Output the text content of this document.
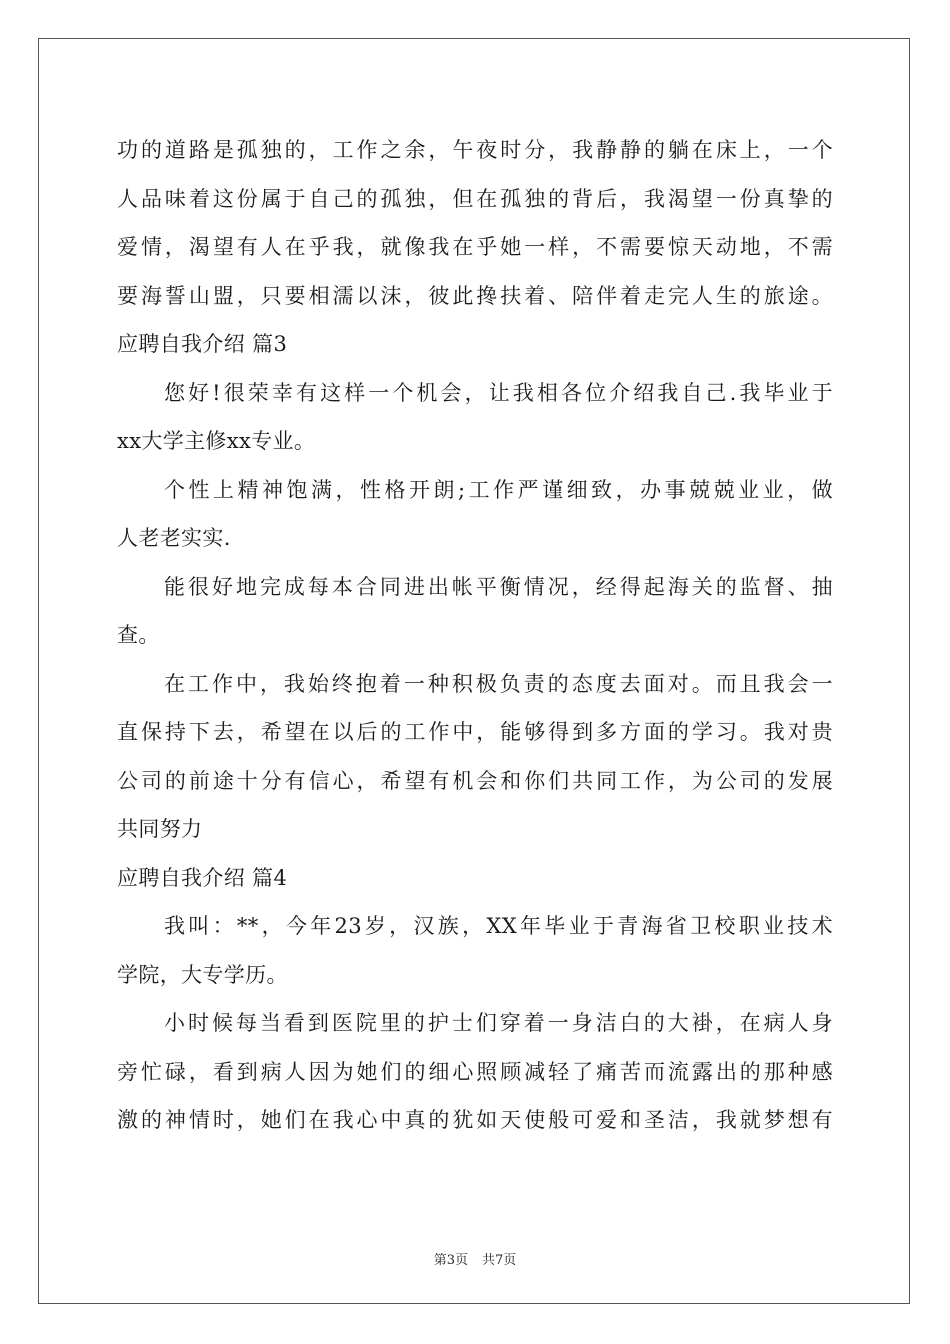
功的道路是孤独的，工作之余，午夜时分，我静静的躺在床上，一个
人品味着这份属于自己的孤独，但在孤独的背后，我渴望一份真挚的
爱情，渴望有人在乎我，就像我在乎她一样，不需要惊天动地，不需
要海誓山盟，只要相濡以沫，彼此搀扶着、陪伴着走完人生的旅途。
应聘自我介绍 篇3
您好!很荣幸有这样一个机会，让我相各位介绍我自己.我毕业于
xx大学主修xx专业。
个性上精神饱满，性格开朗;工作严谨细致，办事兢兢业业，做
人老老实实.
能很好地完成每本合同进出帐平衡情况，经得起海关的监督、抽
查。
在工作中，我始终抱着一种积极负责的态度去面对。而且我会一
直保持下去，希望在以后的工作中，能够得到多方面的学习。我对贵
公司的前途十分有信心，希望有机会和你们共同工作，为公司的发展
共同努力
应聘自我介绍 篇4
我叫：**，今年23岁，汉族，XX年毕业于青海省卫校职业技术
学院，大专学历。
小时候每当看到医院里的护士们穿着一身洁白的大褂，在病人身
旁忙碌，看到病人因为她们的细心照顾减轻了痛苦而流露出的那种感
激的神情时，她们在我心中真的犹如天使般可爱和圣洁，我就梦想有
第3页 共7页
